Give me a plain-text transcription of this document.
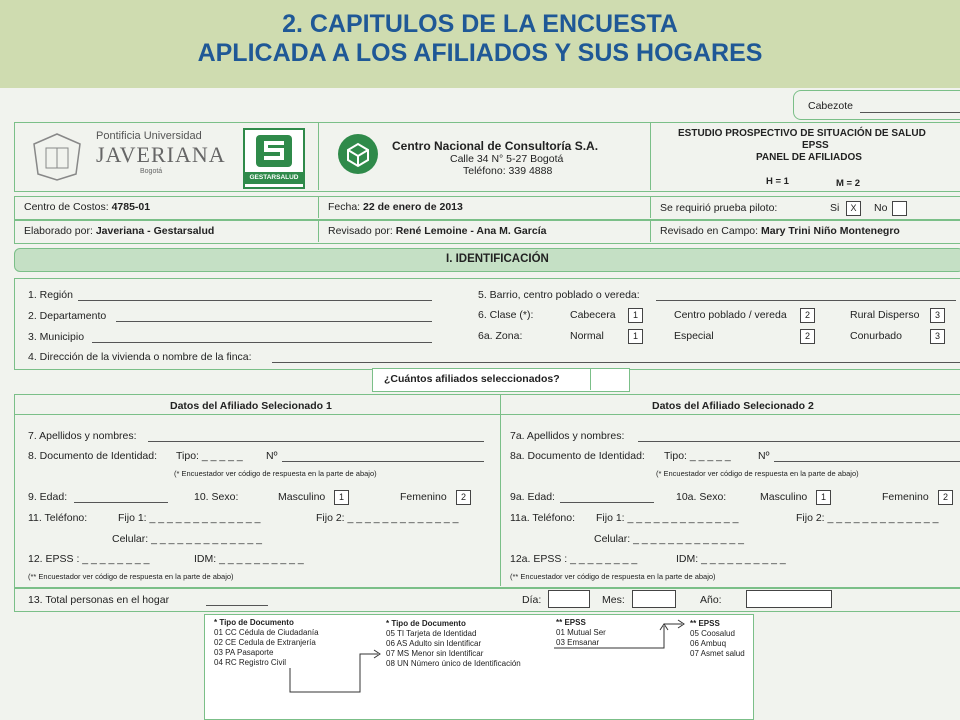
2. CAPITULOS DE LA ENCUESTA
APLICADA A LOS AFILIADOS Y SUS HOGARES
Cabezote
Pontificia Universidad
JAVERIANA
Bogotá
GESTARSALUD
Centro Nacional de Consultoría S.A.
Calle 34 N° 5-27 Bogotá
Teléfono: 339 4888
ESTUDIO PROSPECTIVO DE SITUACIÓN DE SALUD
EPSS
PANEL DE AFILIADOS
H = 1	M = 2
Centro de Costos: 4785-01	Fecha: 22 de enero de 2013	Se requirió prueba piloto:	Si	X	No
Elaborado por: Javeriana - Gestarsalud	Revisado por: René Lemoine - Ana M. García	Revisado en Campo: Mary Trini Niño Montenegro
I. IDENTIFICACIÓN
1. Región
2. Departamento
3. Municipio
4. Dirección de la vivienda o nombre de la finca:
5. Barrio, centro poblado o vereda:
6. Clase (*):	Cabecera	1	Centro poblado / vereda	2	Rural Disperso	3
6a. Zona:	Normal	1	Especial	2	Conurbado	3
¿Cuántos afiliados seleccionados?
Datos del Afiliado Selecionado 1	Datos del Afiliado Selecionado 2
7. Apellidos y nombres:
8. Documento de Identidad: Tipo: _ _ _ _ _ Nº
(* Encuestador ver código de respuesta en la parte de abajo)
9. Edad:	10. Sexo:	Masculino	1	Femenino	2
11. Teléfono:	Fijo 1: _ _ _ _ _ _ _ _ _ _ _ _ _	Fijo 2: _ _ _ _ _ _ _ _ _ _ _ _ _
Celular: _ _ _ _ _ _ _ _ _ _ _ _ _
12. EPSS : _ _ _ _ _ _ _ _	IDM: _ _ _ _ _ _ _ _ _ _
(** Encuestador ver código de respuesta en la parte de abajo)
7a. Apellidos y nombres:
8a. Documento de Identidad: Tipo: _ _ _ _ _	Nº
(* Encuestador ver código de respuesta en la parte de abajo)
9a. Edad:	10a. Sexo:	Masculino	1	Femenino	2
11a. Teléfono: Fijo 1: _ _ _ _ _ _ _ _ _ _ _ _ _	Fijo 2: _ _ _ _ _ _ _ _ _ _ _ _ _
Celular: _ _ _ _ _ _ _ _ _ _ _ _ _
12a. EPSS : _ _ _ _ _ _ _ _	IDM: _ _ _ _ _ _ _ _ _ _
(** Encuestador ver código de respuesta en la parte de abajo)
13. Total personas en el hogar	Día:	Mes:	Año:
* Tipo de Documento
01 CC Cédula de Ciudadanía
02 CE Cedula de Extranjería
03 PA Pasaporte
04 RC Registro Civil
* Tipo de Documento
05 TI Tarjeta de Identidad
06 AS Adulto sin Identificar
07 MS Menor sin Identificar
08 UN Número único de Identificación
** EPSS
01 Mutual Ser
03 Emsanar
** EPSS
05 Coosalud
06 Ambuq
07 Asmet salud
